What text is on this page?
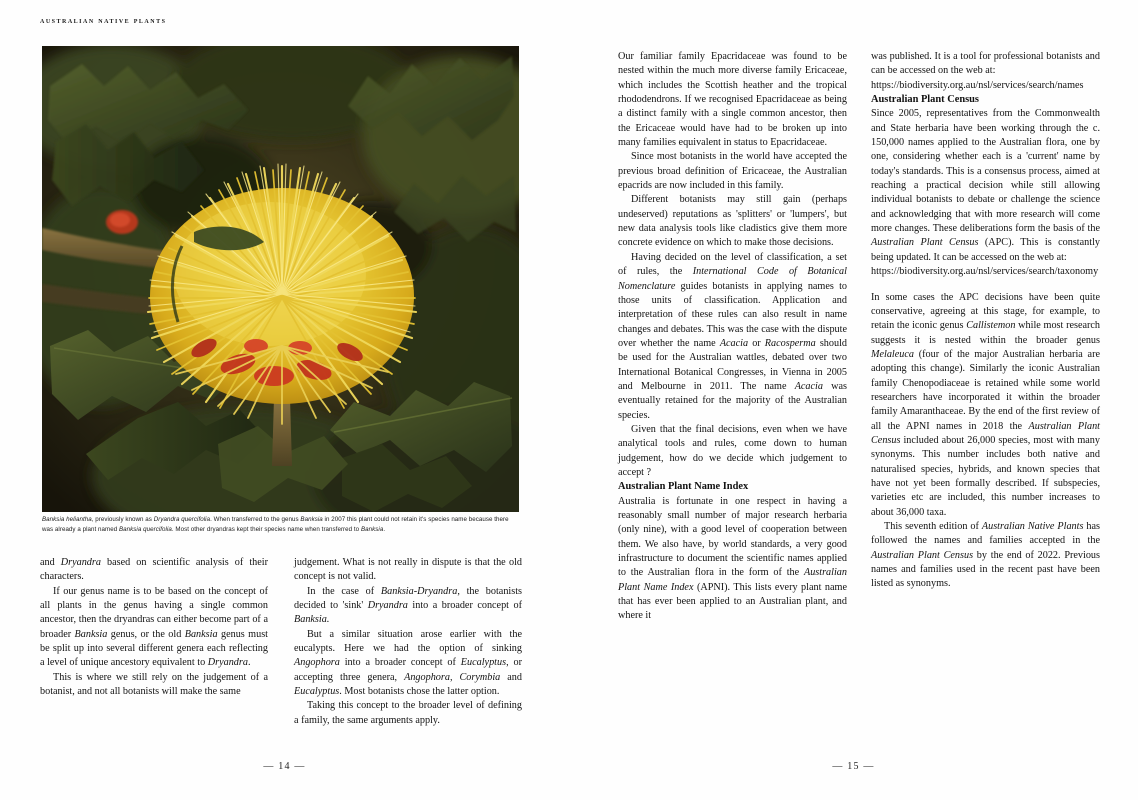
australian native plants
Banksia heliantha, previously known as Dryandra quercifolia. When transferred to the genus Banksia in 2007 this plant could not retain it's species name because there was already a plant named Banksia quercifolia. Most other dryandras kept their species name when transferred to Banksia.

and Dryandra based on scientific analysis of their characters.

If our genus name is to be based on the concept of all plants in the genus having a single common ancestor, then the dryandras can either become part of a broader Banksia genus, or the old Banksia genus must be split up into several different genera each reflecting a level of unique ancestory equivalent to Dryandra.

This is where we still rely on the judgement of a botanist, and not all botanists will make the same

judgement. What is not really in dispute is that the old concept is not valid.

In the case of Banksia-Dryandra, the botanists decided to 'sink' Dryandra into a broader concept of Banksia.

But a similar situation arose earlier with the eucalypts. Here we had the option of sinking Angophora into a broader concept of Eucalyptus, or accepting three genera, Angophora, Corymbia and Eucalyptus. Most botanists chose the latter option.

Taking this concept to the broader level of defining a family, the same arguments apply.

— 14 —

Our familiar family Epacridaceae was found to be nested within the much more diverse family Ericaceae, which includes the Scottish heather and the tropical rhododendrons. If we recognised Epacridaceae as being a distinct family with a single common ancestor, then the Ericaceae would have had to be broken up into many families equivalent in status to Epacridaceae.

Since most botanists in the world have accepted the previous broad definition of Ericaceae, the Australian epacrids are now included in this family.

Different botanists may still gain (perhaps undeserved) reputations as 'splitters' or 'lumpers', but new data analysis tools like cladistics give them more concrete evidence on which to make those decisions.

Having decided on the level of classification, a set of rules, the International Code of Botanical Nomenclature guides botanists in applying names to those units of classification. Application and interpretation of these rules can also result in name changes and debates. This was the case with the dispute over whether the name Acacia or Racosperma should be used for the Australian wattles, debated over two International Botanical Congresses, in Vienna in 2005 and Melbourne in 2011. The name Acacia was eventually retained for the majority of the Australian species.

Given that the final decisions, even when we have analytical tools and rules, come down to human judgement, how do we decide which judgement to accept ?

Australian Plant Name Index

Australia is fortunate in one respect in having a reasonably small number of major research herbaria (only nine), with a good level of cooperation between them. We also have, by world standards, a very good infrastructure to document the scientific names applied to the Australian flora in the form of the Australian Plant Name Index (APNI). This lists every plant name that has ever been applied to an Australian plant, and where it

was published. It is a tool for professional botanists and can be accessed on the web at:

https://biodiversity.org.au/nsl/services/search/names

Australian Plant Census

Since 2005, representatives from the Commonwealth and State herbaria have been working through the c. 150,000 names applied to the Australian flora, one by one, considering whether each is a 'current' name by today's standards. This is a consensus process, aimed at reaching a practical decision while still allowing individual botanists to debate or challenge the science and acknowledging that with more research will come more changes. These deliberations form the basis of the Australian Plant Census (APC). This is constantly being updated. It can be accessed on the web at:

https://biodiversity.org.au/nsl/services/search/taxonomy

In some cases the APC decisions have been quite conservative, agreeing at this stage, for example, to retain the iconic genus Callistemon while most research suggests it is nested within the broader genus Melaleuca (four of the major Australian herbaria are adopting this change). Similarly the iconic Australian family Chenopodiaceae is retained while some world researchers have incorporated it within the broader family Amaranthaceae. By the end of the first review of all the APNI names in 2018 the Australian Plant Census included about 26,000 species, most with many synonyms. This number includes both native and naturalised species, hybrids, and known species that have not yet been formally described. If subspecies, varieties etc are included, this number increases to about 36,000 taxa.

This seventh edition of Australian Native Plants has followed the names and families accepted in the Australian Plant Census by the end of 2022. Previous names and families used in the recent past have been listed as synonyms.

— 15 —
